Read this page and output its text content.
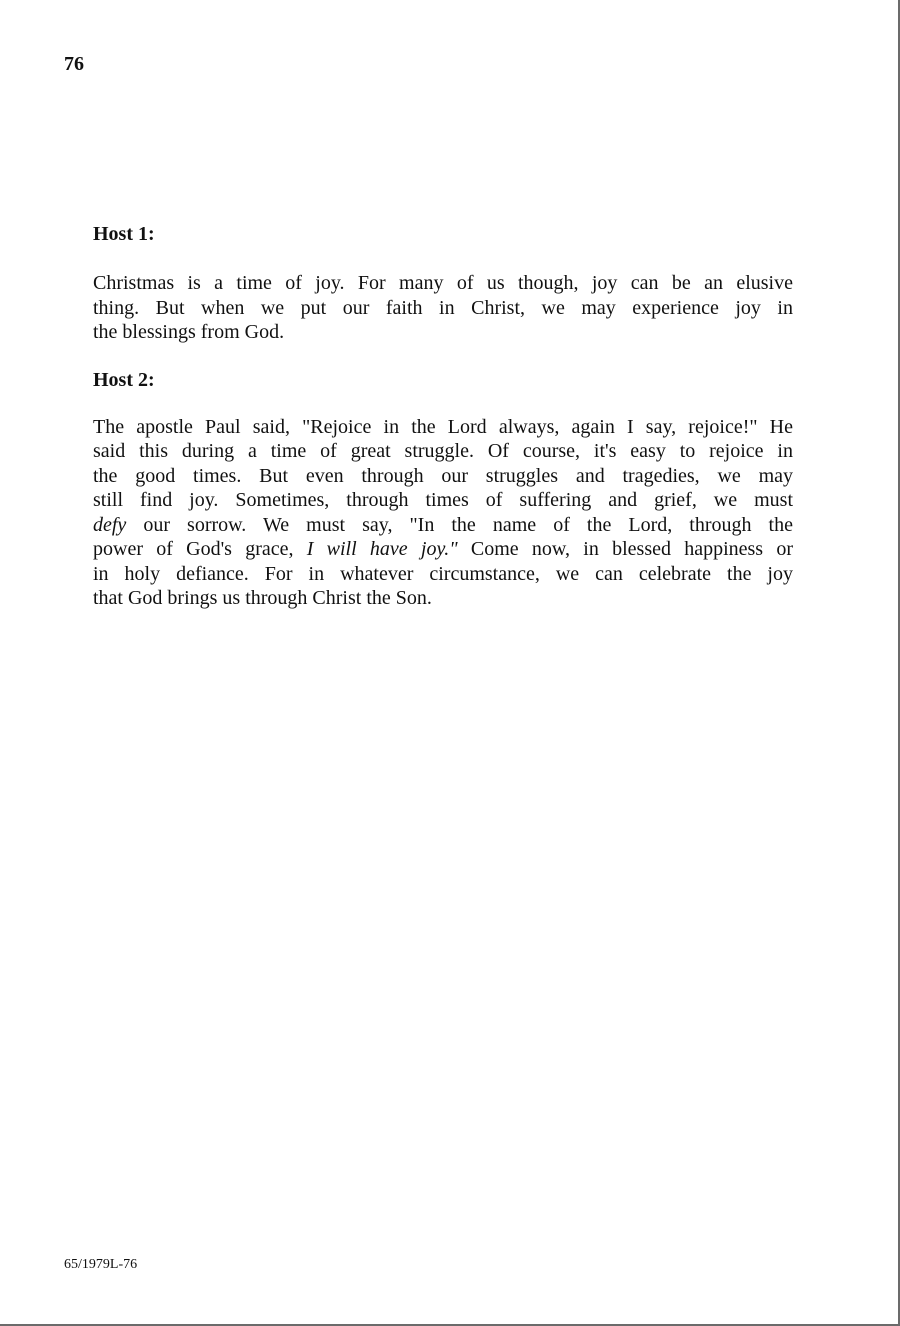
76
Host 1:
Christmas is a time of joy. For many of us though, joy can be an elusive
thing. But when we put our faith in Christ, we may experience joy in
the blessings from God.
Host 2:
The apostle Paul said, "Rejoice in the Lord always, again I say, rejoice!" He
said this during a time of great struggle. Of course, it's easy to rejoice in
the good times. But even through our struggles and tragedies, we may
still find joy. Sometimes, through times of suffering and grief, we must
defy our sorrow. We must say, "In the name of the Lord, through the
power of God's grace, I will have joy." Come now, in blessed happiness or
in holy defiance. For in whatever circumstance, we can celebrate the joy
that God brings us through Christ the Son.
65/1979L-76
